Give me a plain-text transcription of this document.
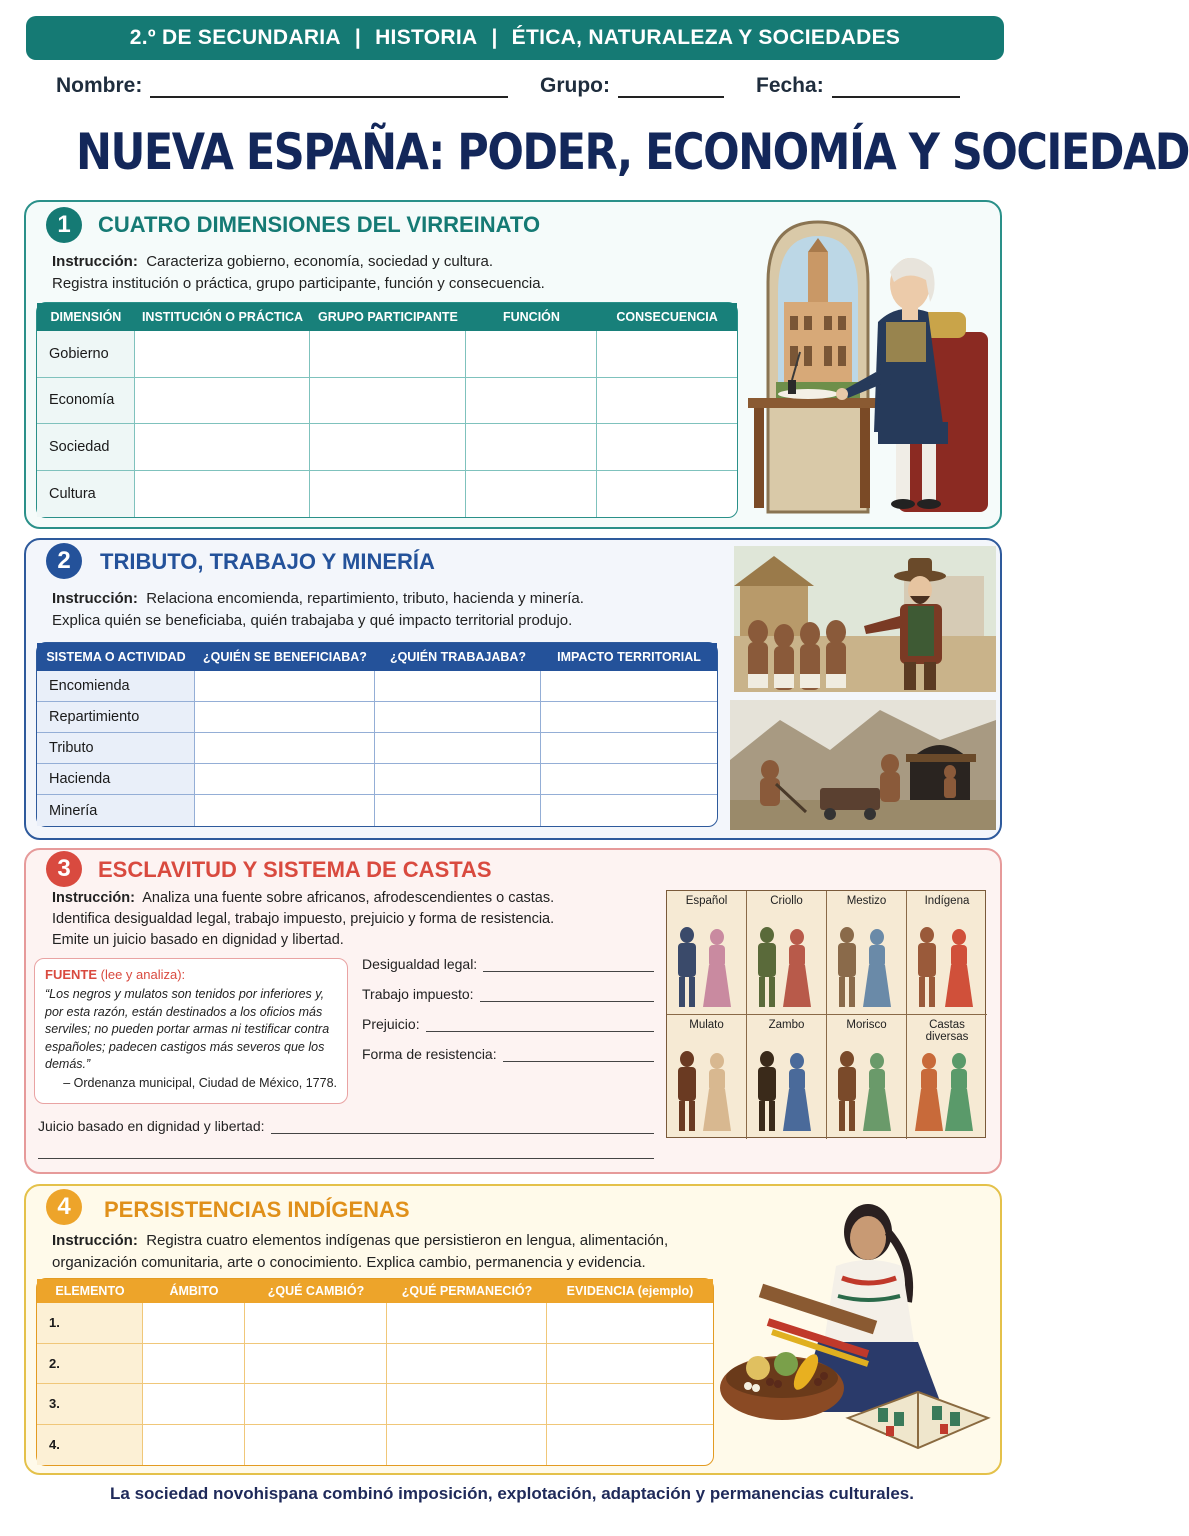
2.º DE SECUNDARIA | HISTORIA | ÉTICA, NATURALEZA Y SOCIEDADES
Nombre:	Grupo:	Fecha:
NUEVA ESPAÑA: PODER, ECONOMÍA Y SOCIEDAD
1	CUATRO DIMENSIONES DEL VIRREINATO
Instrucción: Caracteriza gobierno, economía, sociedad y cultura.
Registra institución o práctica, grupo participante, función y consecuencia.
DIMENSIÓN	INSTITUCIÓN O PRÁCTICA	GRUPO PARTICIPANTE	FUNCIÓN	CONSECUENCIA
Gobierno				
Economía				
Sociedad				
Cultura				
2	TRIBUTO, TRABAJO Y MINERÍA
Instrucción: Relaciona encomienda, repartimiento, tributo, hacienda y minería.
Explica quién se beneficiaba, quién trabajaba y qué impacto territorial produjo.
SISTEMA O ACTIVIDAD	¿QUIÉN SE BENEFICIABA?	¿QUIÉN TRABAJABA?	IMPACTO TERRITORIAL
Encomienda			
Repartimiento			
Tributo			
Hacienda			
Minería			
3	ESCLAVITUD Y SISTEMA DE CASTAS
Instrucción: Analiza una fuente sobre africanos, afrodescendientes o castas.
Identifica desigualdad legal, trabajo impuesto, prejuicio y forma de resistencia.
Emite un juicio basado en dignidad y libertad.
FUENTE (lee y analiza):
“Los negros y mulatos son tenidos por inferiores y, por esta razón, están destinados a los oficios más serviles; no pueden portar armas ni testificar contra españoles; padecen castigos más severos que los demás.”
– Ordenanza municipal, Ciudad de México, 1778.
Desigualdad legal:
Trabajo impuesto:
Prejuicio:
Forma de resistencia:
Juicio basado en dignidad y libertad:
Español	Criollo	Mestizo	Indígena
Mulato	Zambo	Morisco	Castas diversas
4	PERSISTENCIAS INDÍGENAS
Instrucción: Registra cuatro elementos indígenas que persistieron en lengua, alimentación,
organización comunitaria, arte o conocimiento. Explica cambio, permanencia y evidencia.
ELEMENTO	ÁMBITO	¿QUÉ CAMBIÓ?	¿QUÉ PERMANECIÓ?	EVIDENCIA (ejemplo)
1.				
2.				
3.				
4.				
La sociedad novohispana combinó imposición, explotación, adaptación y permanencias culturales.
